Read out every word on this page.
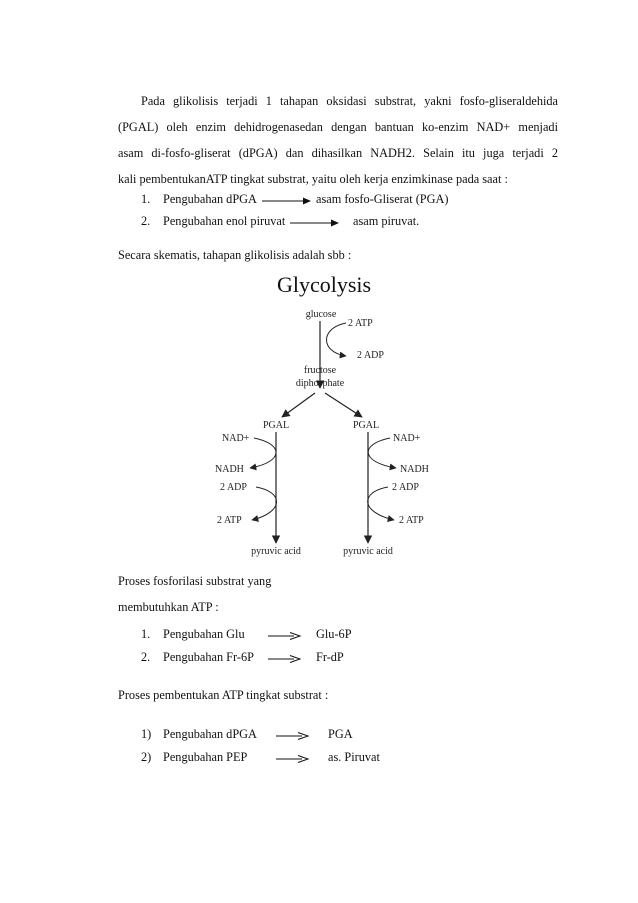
Pada glikolisis terjadi 1 tahapan oksidasi substrat, yakni fosfo-gliseraldehida
(PGAL) oleh enzim dehidrogenasedan dengan bantuan ko-enzim NAD+ menjadi
asam di-fosfo-gliserat (dPGA) dan dihasilkan NADH2. Selain itu juga terjadi 2
kali pembentukanATP tingkat substrat, yaitu oleh kerja enzimkinase pada saat :
1. Pengubahan dPGA	asam fosfo-Gliserat (PGA)
2. Pengubahan enol piruvat	asam piruvat.
Secara skematis, tahapan glikolisis adalah sbb :
Glycolysis
glucose
2 ATP
2 ADP
fructose
diphosphate
PGAL	PGAL
NAD+
NADH
2 ADP
2 ATP
NAD+
NADH
2 ADP
2 ATP
pyruvic acid	pyruvic acid
Proses fosforilasi substrat yang
membutuhkan ATP :
1. Pengubahan Glu	Glu-6P
2. Pengubahan Fr-6P	Fr-dP
Proses pembentukan ATP tingkat substrat :
1) Pengubahan dPGA	PGA
2) Pengubahan PEP	as. Piruvat
